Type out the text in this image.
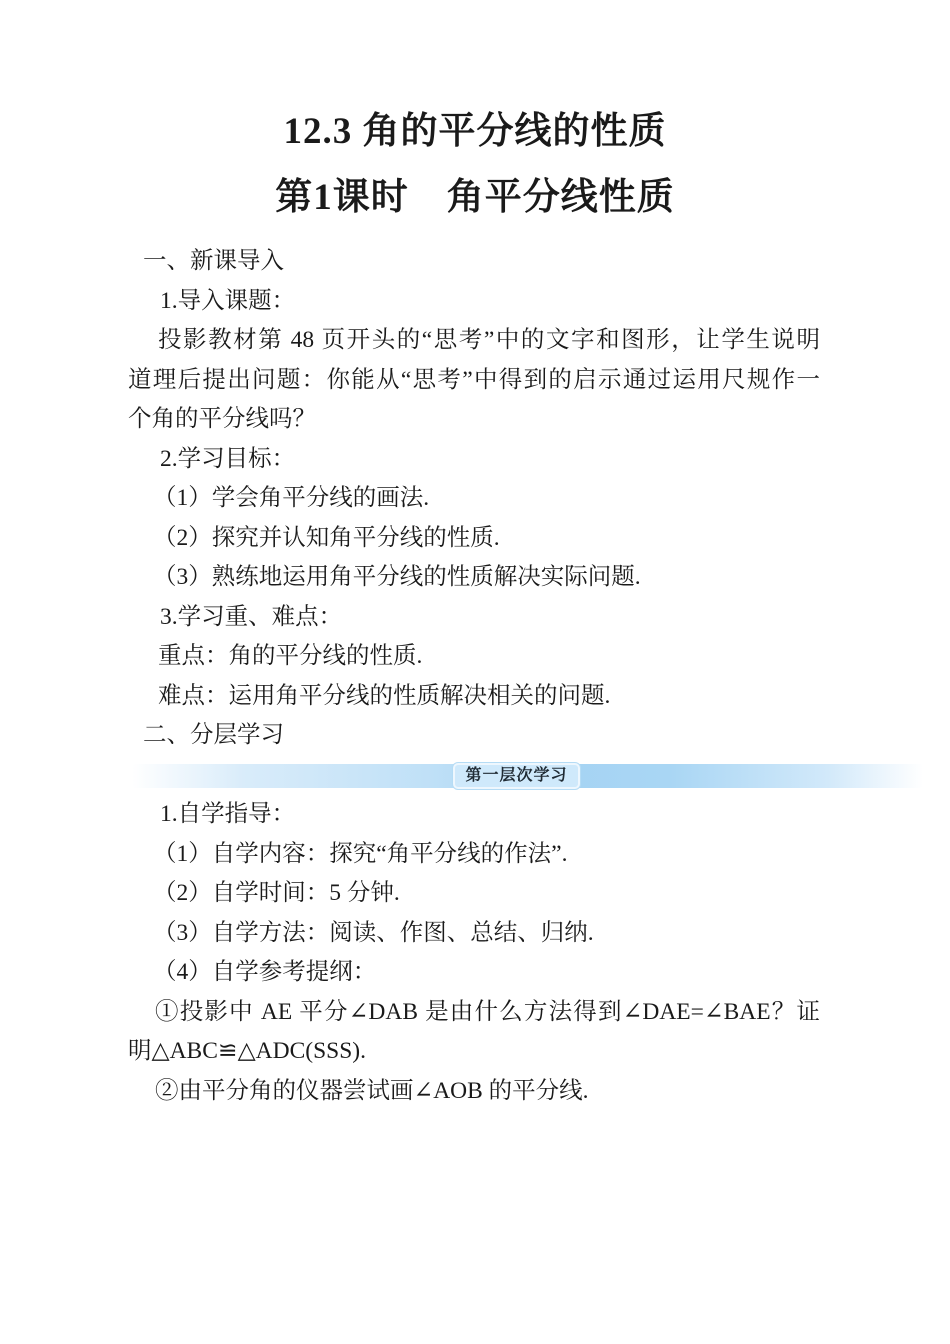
12.3 角的平分线的性质
第1课时　角平分线性质

一、新课导入

1.导入课题：

投影教材第 48 页开头的“思考”中的文字和图形，让学生说明

道理后提出问题：你能从“思考”中得到的启示通过运用尺规作一

个角的平分线吗？

2.学习目标：

（1）学会角平分线的画法.

（2）探究并认知角平分线的性质.

（3）熟练地运用角平分线的性质解决实际问题.

3.学习重、难点：

重点：角的平分线的性质.

难点：运用角平分线的性质解决相关的问题.

二、分层学习

第一层次学习

1.自学指导：

（1）自学内容：探究“角平分线的作法”.

（2）自学时间：5 分钟.

（3）自学方法：阅读、作图、总结、归纳.

（4）自学参考提纲：

①投影中 AE 平分∠DAB 是由什么方法得到∠DAE=∠BAE？证

明△ABC≌△ADC(SSS).

②由平分角的仪器尝试画∠AOB 的平分线.
